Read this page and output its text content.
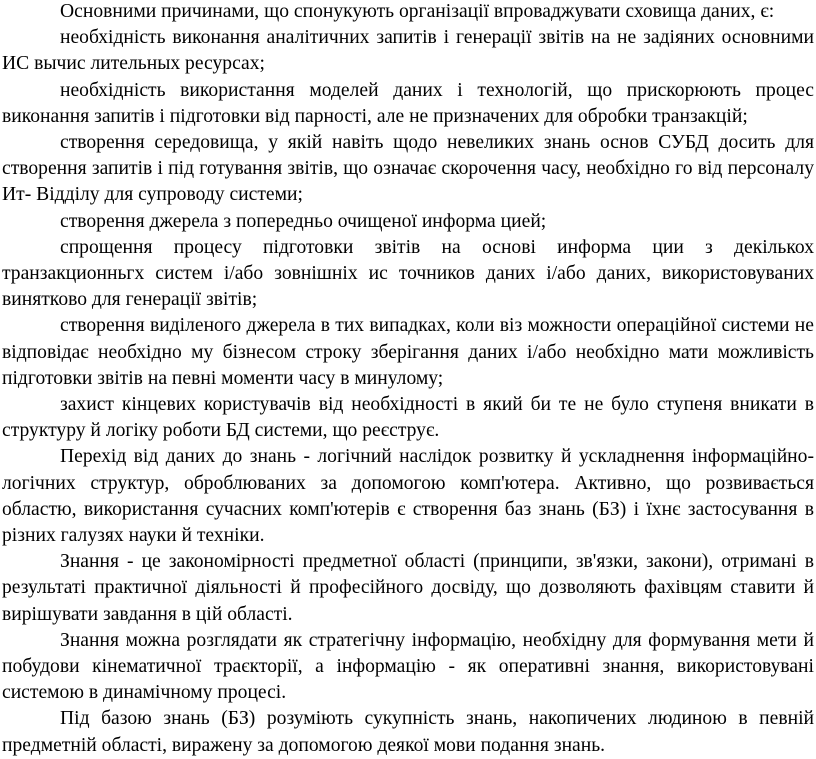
Основними причинами, що спонукують організації впроваджувати сховища даних, є:

необхідність виконання аналітичних запитів і генерації звітів на не задіяних основними ИС вычис лительных ресурсах;

необхідність використання моделей даних і технологій, що прискорюють процес виконання запитів і підготовки від парності, але не призначених для обробки транзакцій;

створення середовища, у якій навіть щодо невеликих знань основ СУБД досить для створення запитів і під готування звітів, що означає скорочення часу, необхідно го від персоналу Ит- Відділу для супроводу системи;

створення джерела з попередньо очищеної информа цией;

спрощення процесу підготовки звітів на основі информа ции з декількох транзакционньгх систем і/або зовнішніх ис точников даних і/або даних, використовуваних винятково для генерації звітів;

створення виділеного джерела в тих випадках, коли віз можности операційної системи не відповідає необхідно му бізнесом строку зберігання даних і/або необхідно мати можливість підготовки звітів на певні моменти часу в минулому;

захист кінцевих користувачів від необхідності в який би те не було ступеня вникати в структуру й логіку роботи БД системи, що реєструє.

Перехід від даних до знань - логічний наслідок розвитку й ускладнення інформаційно-логічних структур, оброблюваних за допомогою комп'ютера. Активно, що розвивається областю, використання сучасних комп'ютерів є створення баз знань (БЗ) і їхнє застосування в різних галузях науки й техніки.

Знання - це закономірності предметної області (принципи, зв'язки, закони), отримані в результаті практичної діяльності й професійного досвіду, що дозволяють фахівцям ставити й вирішувати завдання в цій області.

Знання можна розглядати як стратегічну інформацію, необхідну для формування мети й побудови кінематичної траєкторії, а інформацію - як оперативні знання, використовувані системою в динамічному процесі.

Під базою знань (БЗ) розуміють сукупність знань, накопичених людиною в певній предметній області, виражену за допомогою деякої мови подання знань.
